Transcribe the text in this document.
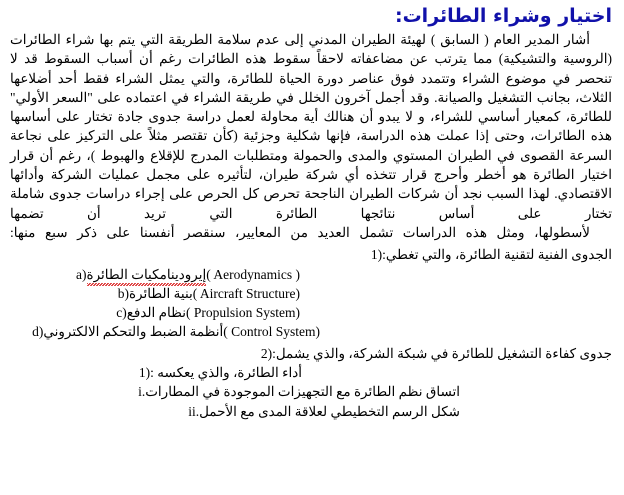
اختيار وشراء الطائرات:
أشار المدير العام ( السابق ) لهيئة الطيران المدني إلى عدم سلامة الطريقة التي يتم بها شراء الطائرات (الروسية والتشيكية) مما يترتب عن مضاعفاته لاحقاً سقوط هذه الطائرات رغم أن أسباب السقوط قد لا تنحصر في موضوع الشراء وتتمدد فوق عناصر دورة الحياة للطائرة، والتي يمثل الشراء فقط أحد أضلاعها الثلاث، بجانب التشغيل والصيانة. وقد أجمل آخرون الخلل في طريقة الشراء في اعتماده على "السعر الأولي" للطائرة، كمعيار أساسي للشراء، و لا يبدو أن هنالك أية محاولة لعمل دراسة جدوى جادة تختار على أساسها هذه الطائرات، وحتى إذا عملت هذه الدراسة، فإنها شكلية وجزئية (كأن تقتصر مثلاً على التركيز على نجاعة السرعة القصوى في الطيران المستوي والمدى والحمولة ومتطلبات المدرج للإقلاع والهبوط )، رغم أن قرار اختيار الطائرة هو أخطر وأحرج قرار تتخذه أي شركة طيران، لتأثيره على مجمل عمليات الشركة وأدائها الاقتصادي. لهذا السبب نجد أن شركات الطيران الناجحة تحرص كل الحرص على إجراء دراسات جدوى شاملة تختار على أساس نتائجها الطائرة التي تريد أن تضمها
لأسطولها، ومثل هذه الدراسات تشمل العديد من المعايير، سنقصر أنفسنا على ذكر سبع منها:
الجدوى الفنية لتقنية الطائرة، والتي تغطي:1)
( Aerodynamics )إيرودينامكيات الطائرةa)
( Aircraft Structure)بنية الطائرةb)
( Propulsion System)نظام الدفعc)
( Control System)أنظمة الضبط والتحكم الالكترونيd)
جدوى كفاءة التشغيل للطائرة في شبكة الشركة، والذي يشمل:2)
أداء الطائرة، والذي يعكسه :1)
اتساق نظم الطائرة مع التجهيزات الموجودة في المطاراتi.
شكل الرسم التخطيطي لعلاقة المدى مع الأحملii.
